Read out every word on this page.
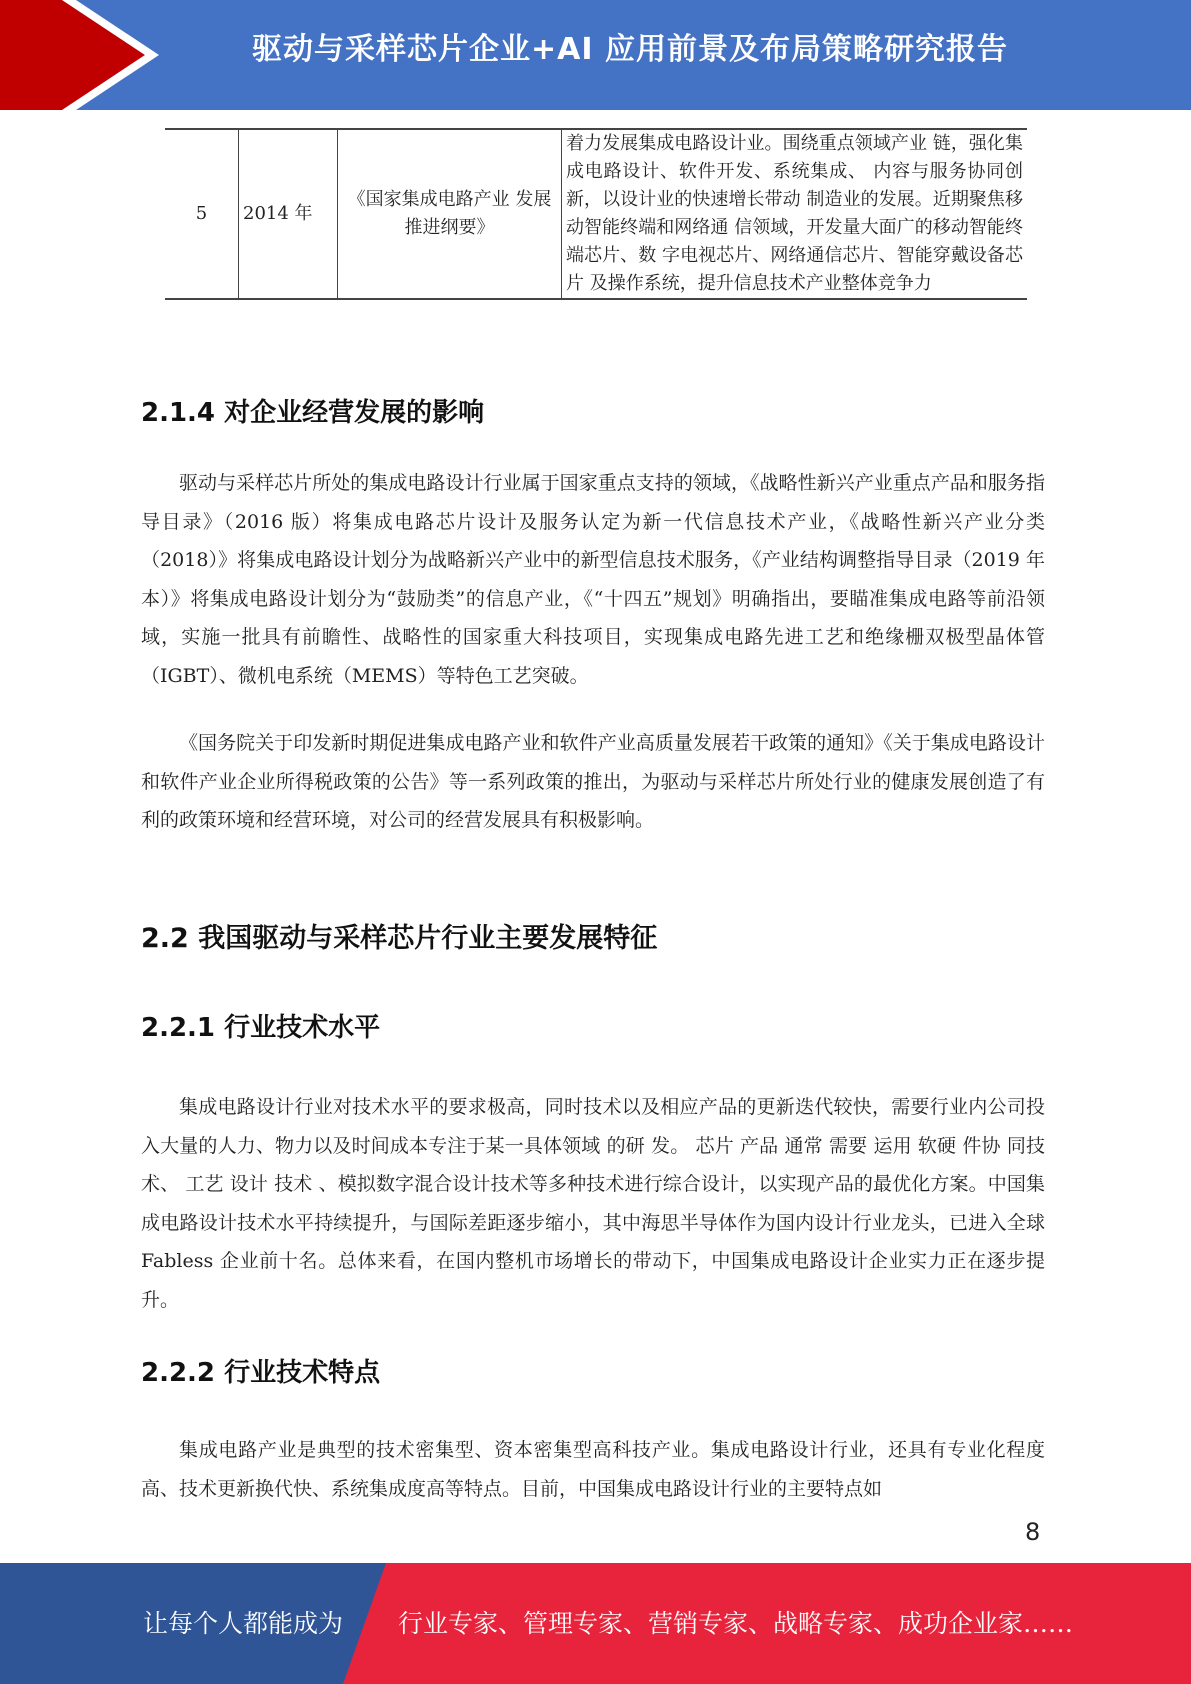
驱动与采样芯片企业+AI 应用前景及布局策略研究报告
5	2014 年	《国家集成电路产业 发展推进纲要》	着力发展集成电路设计业。围绕重点领域产业 链，强化集成电路设计、软件开发、系统集成、 内容与服务协同创新，以设计业的快速增长带动 制造业的发展。近期聚焦移动智能终端和网络通 信领域，开发量大面广的移动智能终端芯片、数 字电视芯片、网络通信芯片、智能穿戴设备芯片 及操作系统，提升信息技术产业整体竞争力
2.1.4 对企业经营发展的影响

驱动与采样芯片所处的集成电路设计行业属于国家重点支持的领域，《战略性新兴产业重点产品和服务指导目录》（2016 版）将集成电路芯片设计及服务认定为新一代信息技术产业，《战略性新兴产业分类（2018）》将集成电路设计划分为战略新兴产业中的新型信息技术服务，《产业结构调整指导目录（2019 年本）》将集成电路设计划分为“鼓励类”的信息产业，《“十四五”规划》明确指出，要瞄准集成电路等前沿领域，实施一批具有前瞻性、战略性的国家重大科技项目，实现集成电路先进工艺和绝缘栅双极型晶体管（IGBT）、微机电系统（MEMS）等特色工艺突破。

《国务院关于印发新时期促进集成电路产业和软件产业高质量发展若干政策的通知》《关于集成电路设计和软件产业企业所得税政策的公告》等一系列政策的推出，为驱动与采样芯片所处行业的健康发展创造了有利的政策环境和经营环境，对公司的经营发展具有积极影响。

2.2 我国驱动与采样芯片行业主要发展特征
2.2.1 行业技术水平

集成电路设计行业对技术水平的要求极高，同时技术以及相应产品的更新迭代较快，需要行业内公司投入大量的人力、物力以及时间成本专注于某一具体领域 的研 发。 芯片 产品 通常 需要 运用 软硬 件协 同技 术、 工艺 设计 技术 、模拟数字混合设计技术等多种技术进行综合设计，以实现产品的最优化方案。中国集成电路设计技术水平持续提升，与国际差距逐步缩小，其中海思半导体作为国内设计行业龙头，已进入全球 Fabless 企业前十名。总体来看，在国内整机市场增长的带动下，中国集成电路设计企业实力正在逐步提升。

2.2.2 行业技术特点

集成电路产业是典型的技术密集型、资本密集型高科技产业。集成电路设计行业，还具有专业化程度高、技术更新换代快、系统集成度高等特点。目前，中国集成电路设计行业的主要特点如

8
让每个人都能成为 行业专家、管理专家、营销专家、战略专家、成功企业家……
